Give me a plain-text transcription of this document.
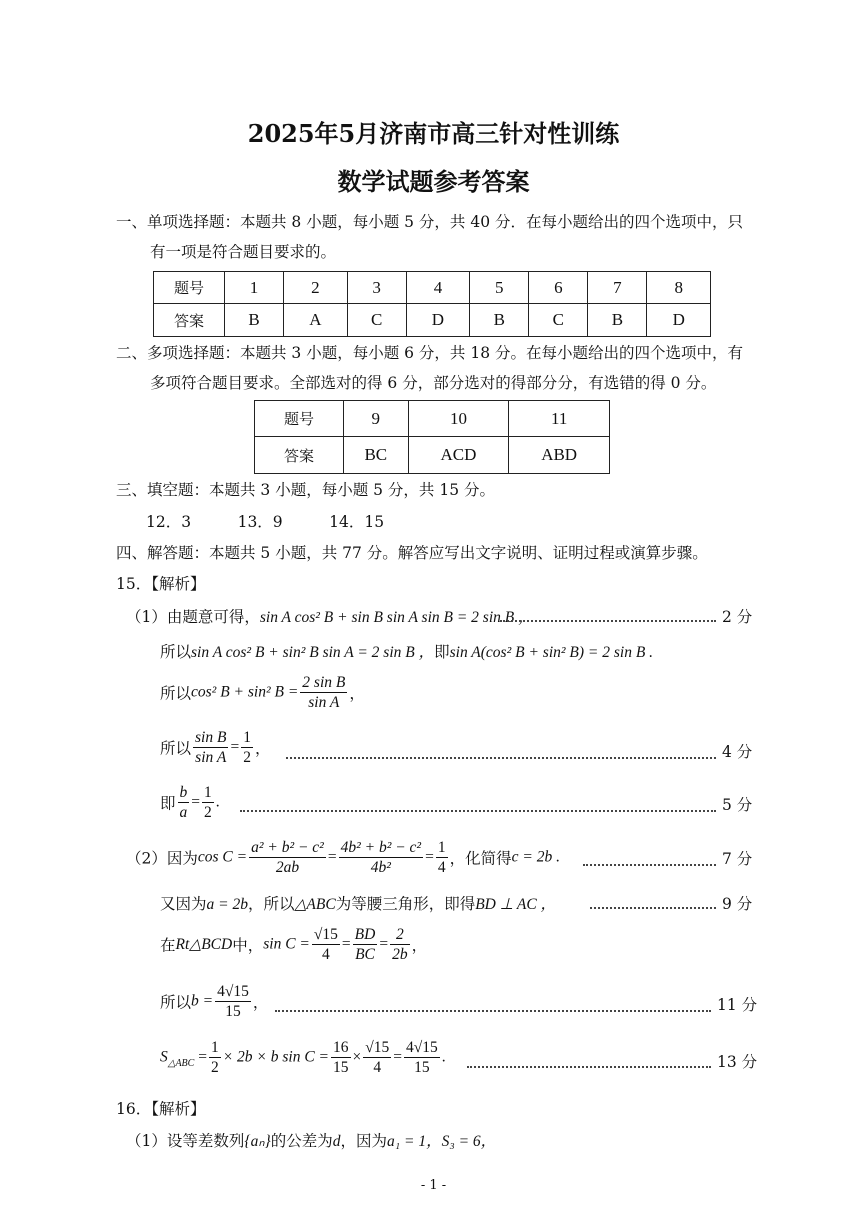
2025年5月济南市高三针对性训练
数学试题参考答案
一、单项选择题：本题共 8 小题，每小题 5 分，共 40 分．在每小题给出的四个选项中，只
有一项是符合题目要求的。
题号	1	2	3	4	5	6	7	8
答案	B	A	C	D	B	C	B	D
二、多项选择题：本题共 3 小题，每小题 6 分，共 18 分。在每小题给出的四个选项中，有
多项符合题目要求。全部选对的得 6 分，部分选对的得部分分，有选错的得 0 分。
题号	9	10	11
答案	BC	ACD	ABD
三、填空题：本题共 3 小题，每小题 5 分，共 15 分。
12．3　　　13．9　　　14．15
四、解答题：本题共 5 小题，共 77 分。解答应写出文字说明、证明过程或演算步骤。
15．【解析】
（1）由题意可得，sin A cos² B + sin B sin A sin B = 2 sin B ，	2 分
所以sin A cos² B + sin² B sin A = 2 sin B ，即sin A(cos² B + sin² B) = 2 sin B .
所以cos² B + sin² $B = \frac{\text{2 sin B}}{\text{sin A}}$ ，
所以 $\frac{\text{sin B}}{\text{sin A}} = \frac{1}{2}$ ，	4 分
即 $\frac{b}{a} = \frac{1}{2}$ .	5 分
（2）因为$\cos C = \frac{\text{a² + b² − c²}}{2ab} = \frac{\text{4b² + b² − c²}}{\text{4b²}} = \frac{1}{4}$ ，化简得c = 2b .	7 分
又因为a = 2b，所以△ABC为等腰三角形，即得BD ⊥ AC ，	9 分
在Rt△BCD中，$\sin C = \frac{√15}{4} = \frac{BD}{BC} = \frac{2}{2b}$ ，
所以$b = \frac{4√15}{15}$ ，	11 分
$S_{\triangle ABC} = \frac{1}{2} \times 2b \times b$ $\sin C = \frac{16}{15} \times \frac{√15}{4} = \frac{4√15}{15}$ .	13 分
16．【解析】
（1）设等差数列{aₙ}的公差为d，因为a₁ = 1，S₃ = 6，
- 1 -
